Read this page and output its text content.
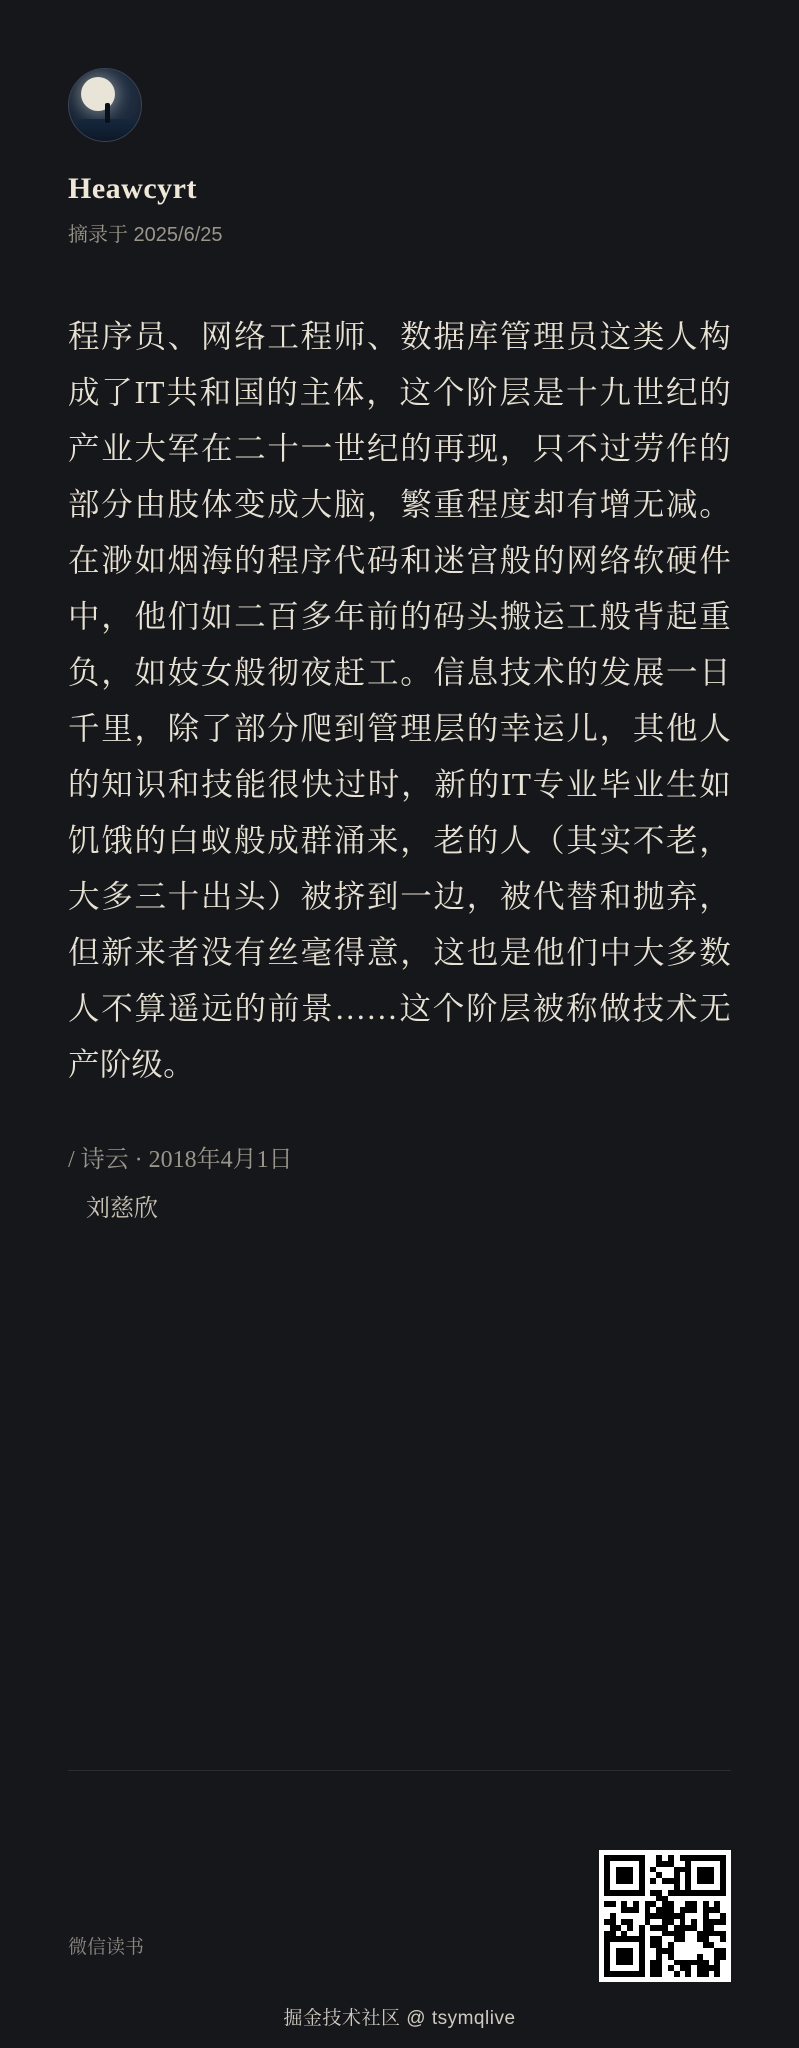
Heawcyrt
摘录于 2025/6/25
程序员、网络工程师、数据库管理员这类人构成了IT共和国的主体，这个阶层是十九世纪的产业大军在二十一世纪的再现，只不过劳作的部分由肢体变成大脑，繁重程度却有增无减。在渺如烟海的程序代码和迷宫般的网络软硬件中，他们如二百多年前的码头搬运工般背起重负，如妓女般彻夜赶工。信息技术的发展一日千里，除了部分爬到管理层的幸运儿，其他人的知识和技能很快过时，新的IT专业毕业生如饥饿的白蚁般成群涌来，老的人（其实不老，大多三十出头）被挤到一边，被代替和抛弃，但新来者没有丝毫得意，这也是他们中大多数人不算遥远的前景……这个阶层被称做技术无产阶级。
/ 诗云 · 2018年4月1日
刘慈欣
微信读书
掘金技术社区 @ tsymqlive
